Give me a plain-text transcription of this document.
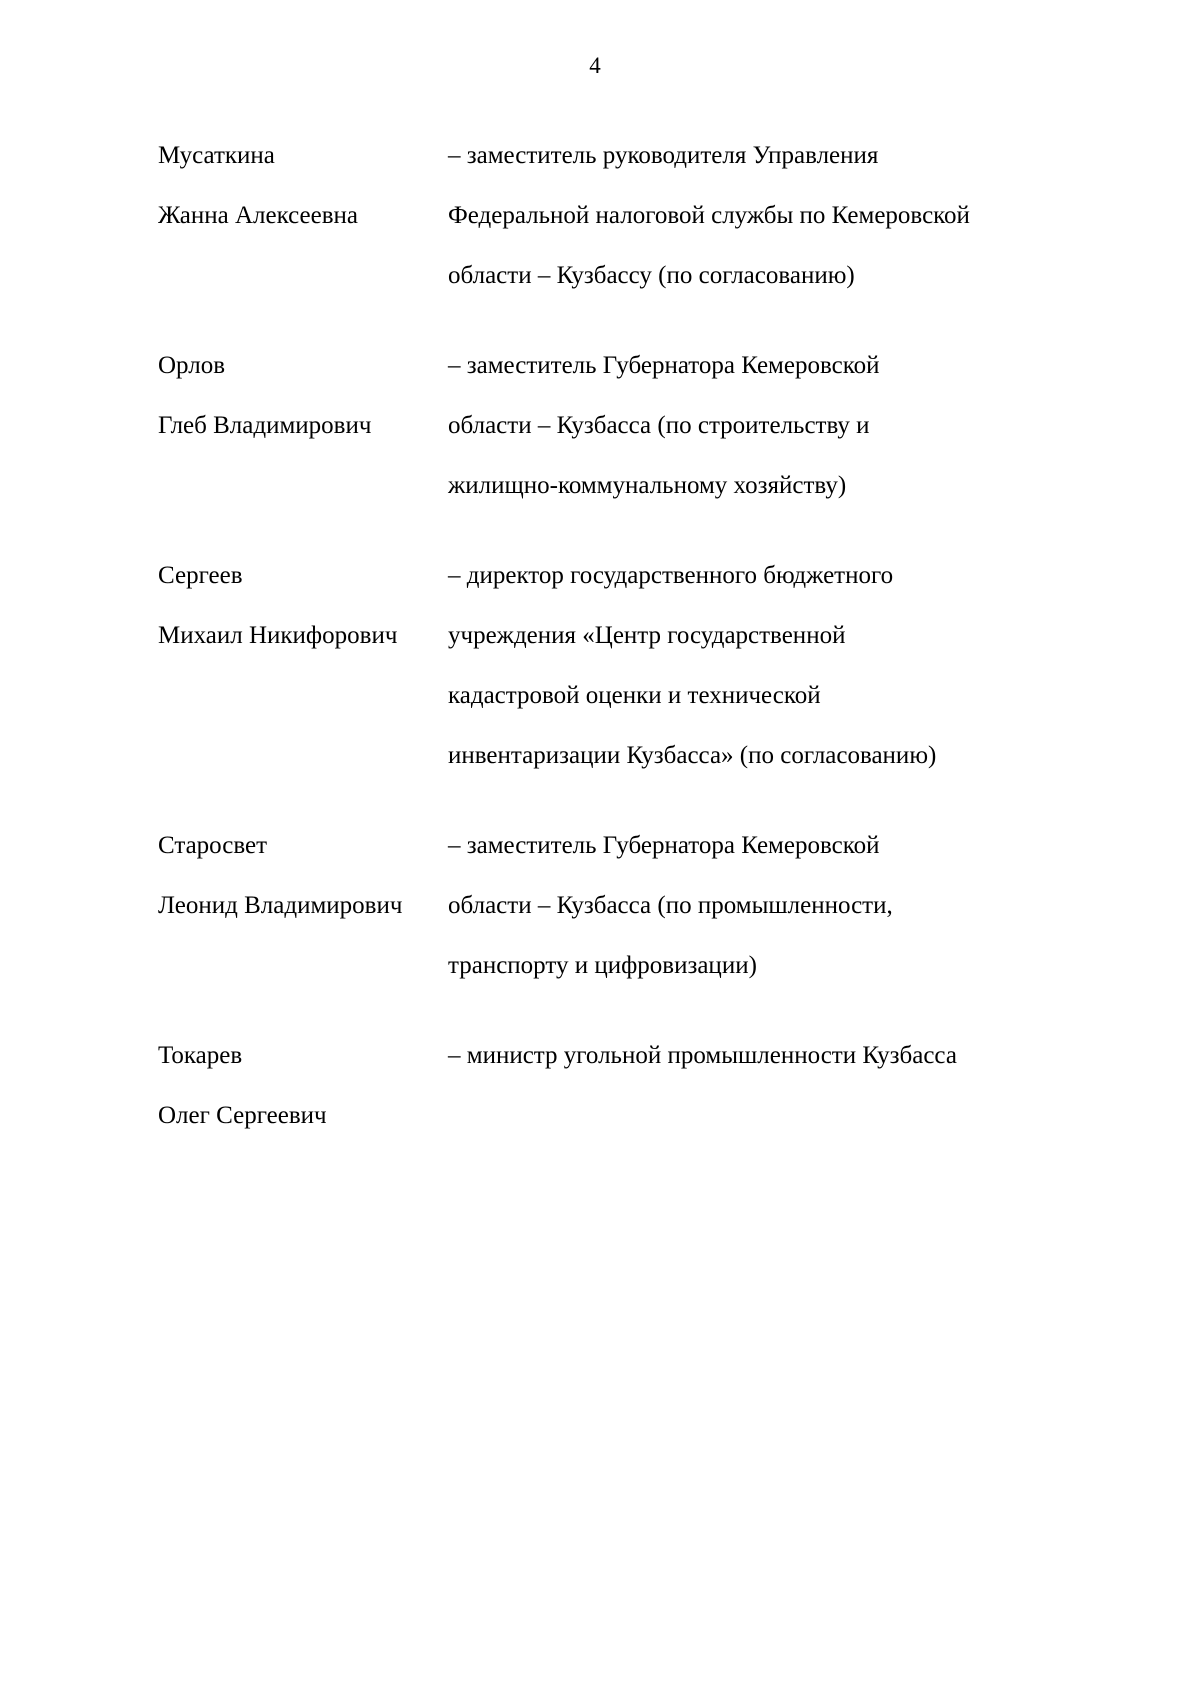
4

Мусаткина

Жанна Алексеевна

– заместитель руководителя Управления

Федеральной налоговой службы по Кемеровской

области – Кузбассу (по согласованию)

Орлов

Глеб Владимирович

– заместитель Губернатора Кемеровской

области – Кузбасса (по строительству и

жилищно-коммунальному хозяйству)

Сергеев

Михаил Никифорович

– директор государственного бюджетного

учреждения «Центр государственной

кадастровой оценки и технической

инвентаризации Кузбасса» (по согласованию)

Старосвет

Леонид Владимирович

– заместитель Губернатора Кемеровской

области – Кузбасса (по промышленности,

транспорту и цифровизации)

Токарев

Олег Сергеевич

– министр угольной промышленности Кузбасса
